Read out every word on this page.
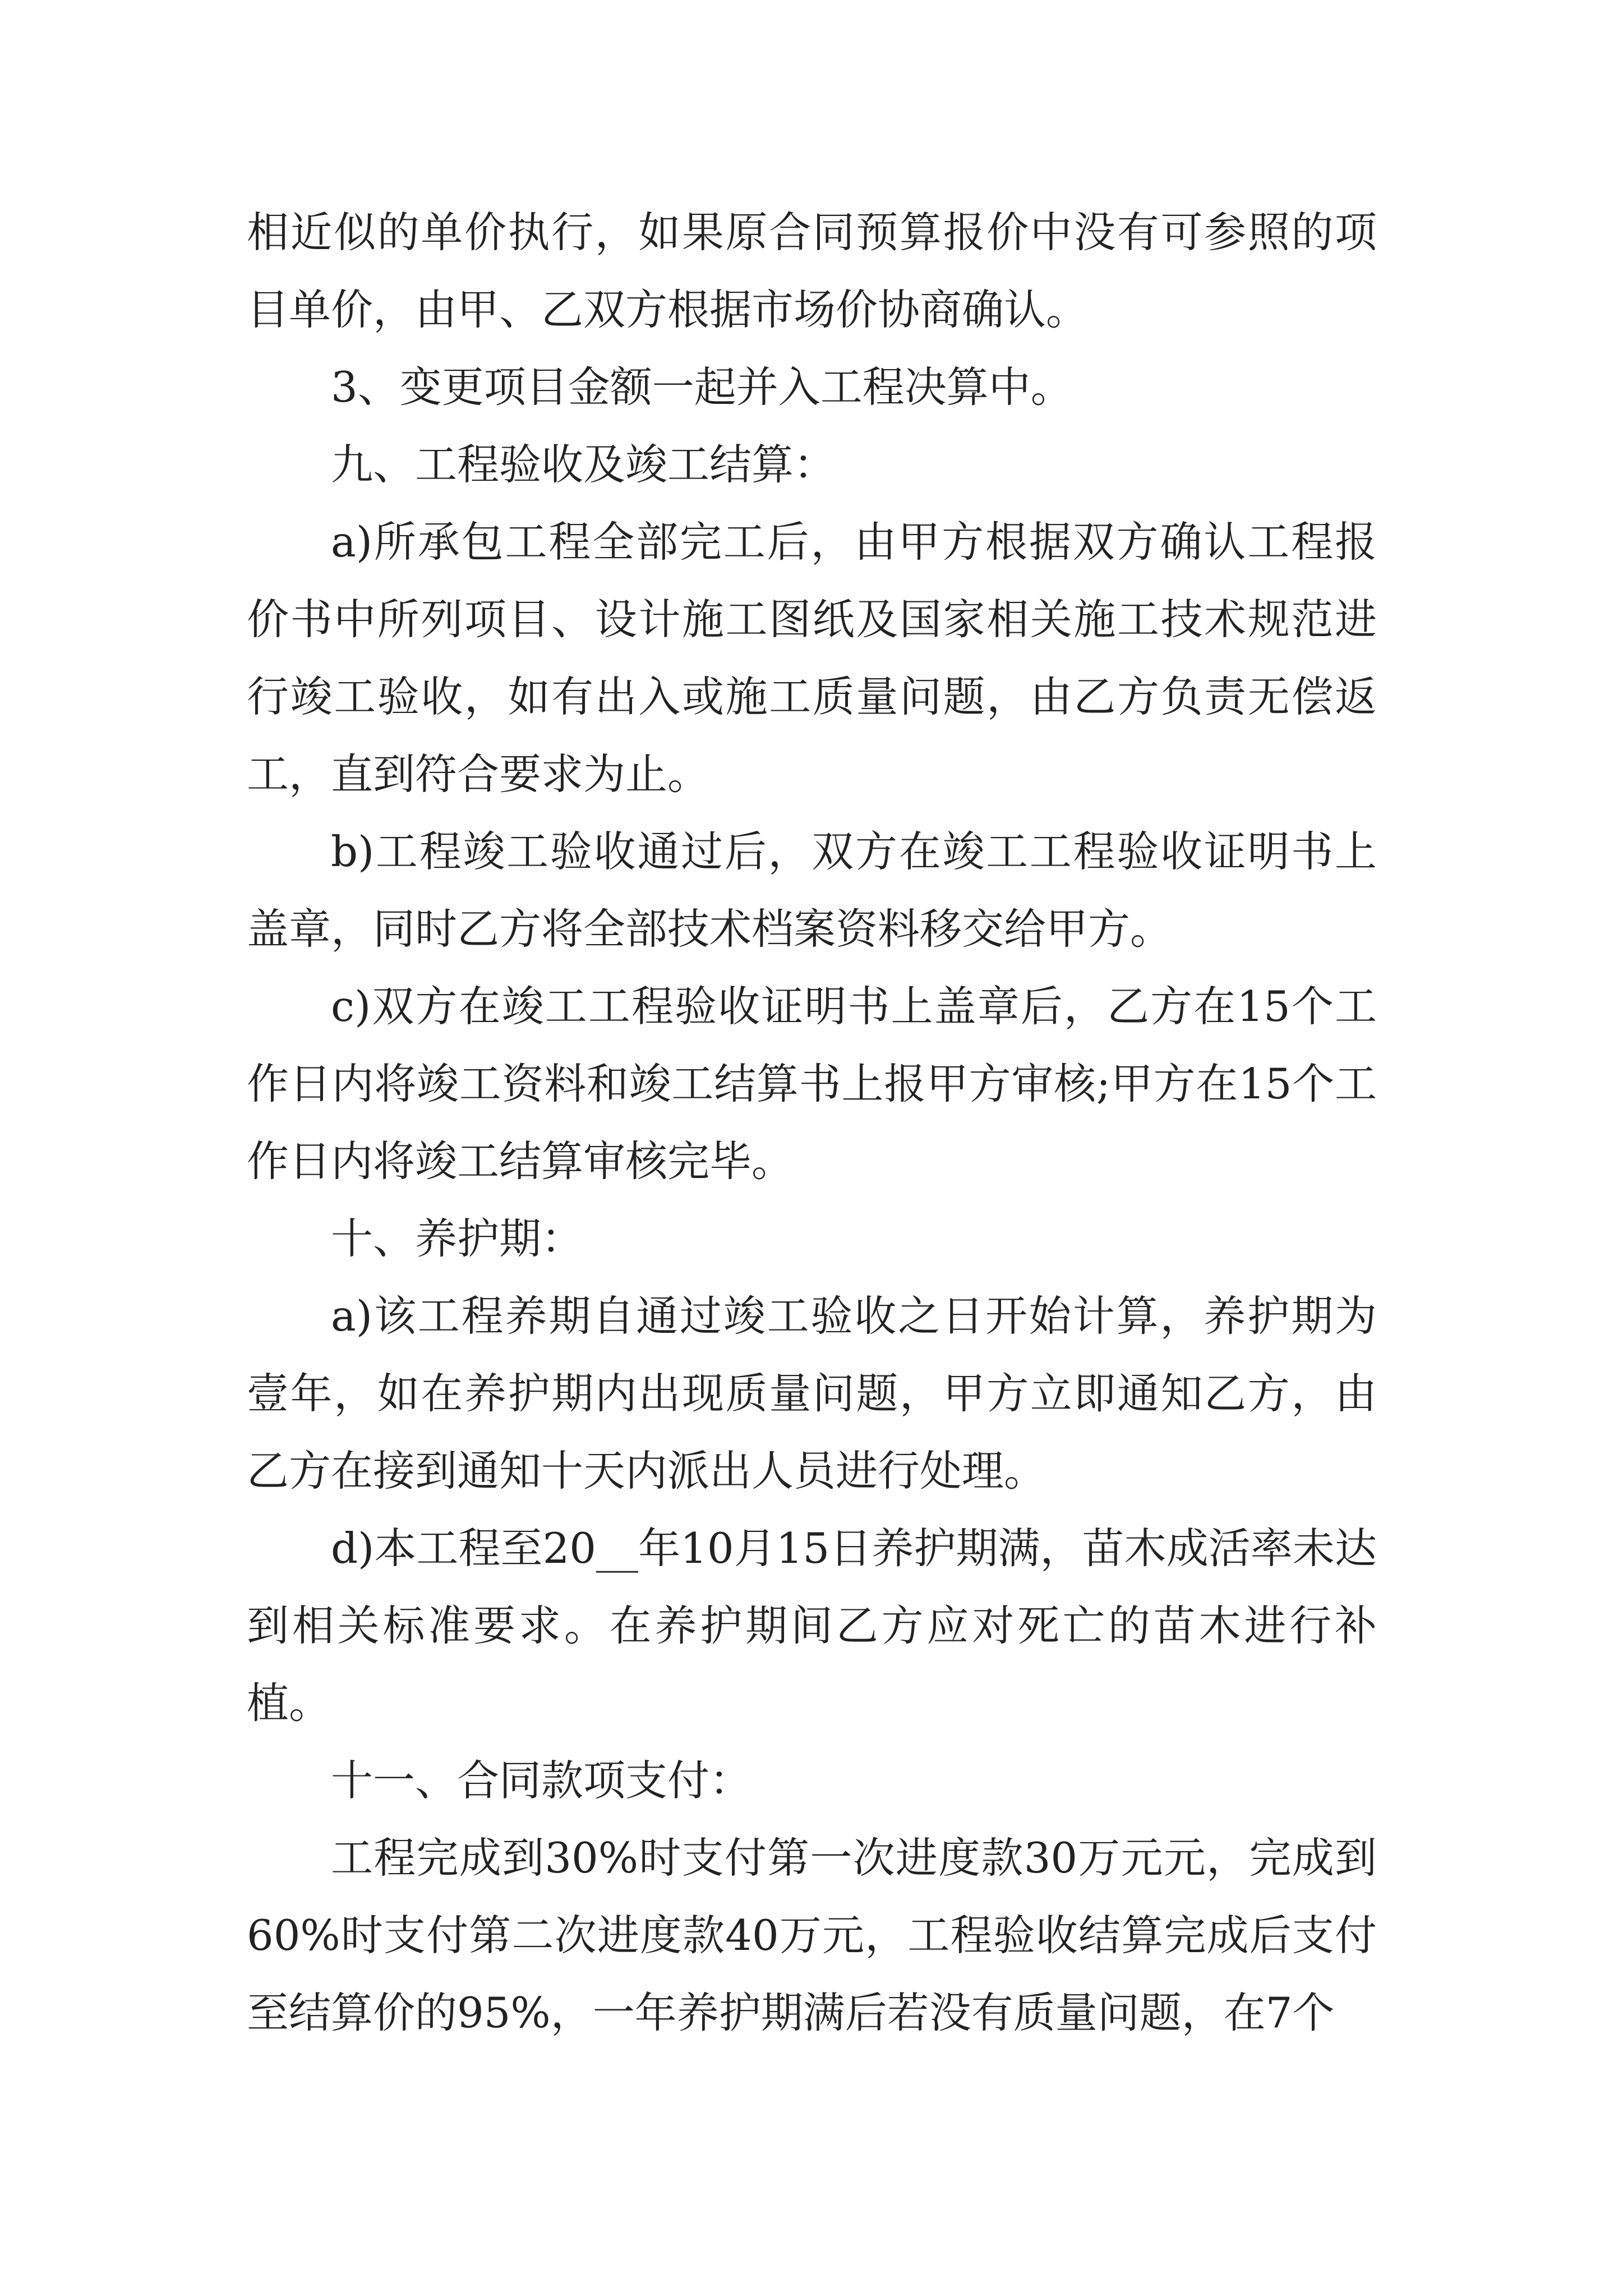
相近似的单价执行，如果原合同预算报价中没有可参照的项目单价，由甲、乙双方根据市场价协商确认。

3、变更项目金额一起并入工程决算中。

九、工程验收及竣工结算：

a)所承包工程全部完工后，由甲方根据双方确认工程报价书中所列项目、设计施工图纸及国家相关施工技术规范进行竣工验收，如有出入或施工质量问题，由乙方负责无偿返工，直到符合要求为止。

b)工程竣工验收通过后，双方在竣工工程验收证明书上盖章，同时乙方将全部技术档案资料移交给甲方。

c)双方在竣工工程验收证明书上盖章后，乙方在15个工作日内将竣工资料和竣工结算书上报甲方审核;甲方在15个工作日内将竣工结算审核完毕。

十、养护期：

a)该工程养期自通过竣工验收之日开始计算，养护期为壹年，如在养护期内出现质量问题，甲方立即通知乙方，由乙方在接到通知十天内派出人员进行处理。

d)本工程至20__年10月15日养护期满，苗木成活率未达到相关标准要求。在养护期间乙方应对死亡的苗木进行补植。

十一、合同款项支付：

工程完成到30%时支付第一次进度款30万元元，完成到60%时支付第二次进度款40万元，工程验收结算完成后支付至结算价的95%，一年养护期满后若没有质量问题，在7个
